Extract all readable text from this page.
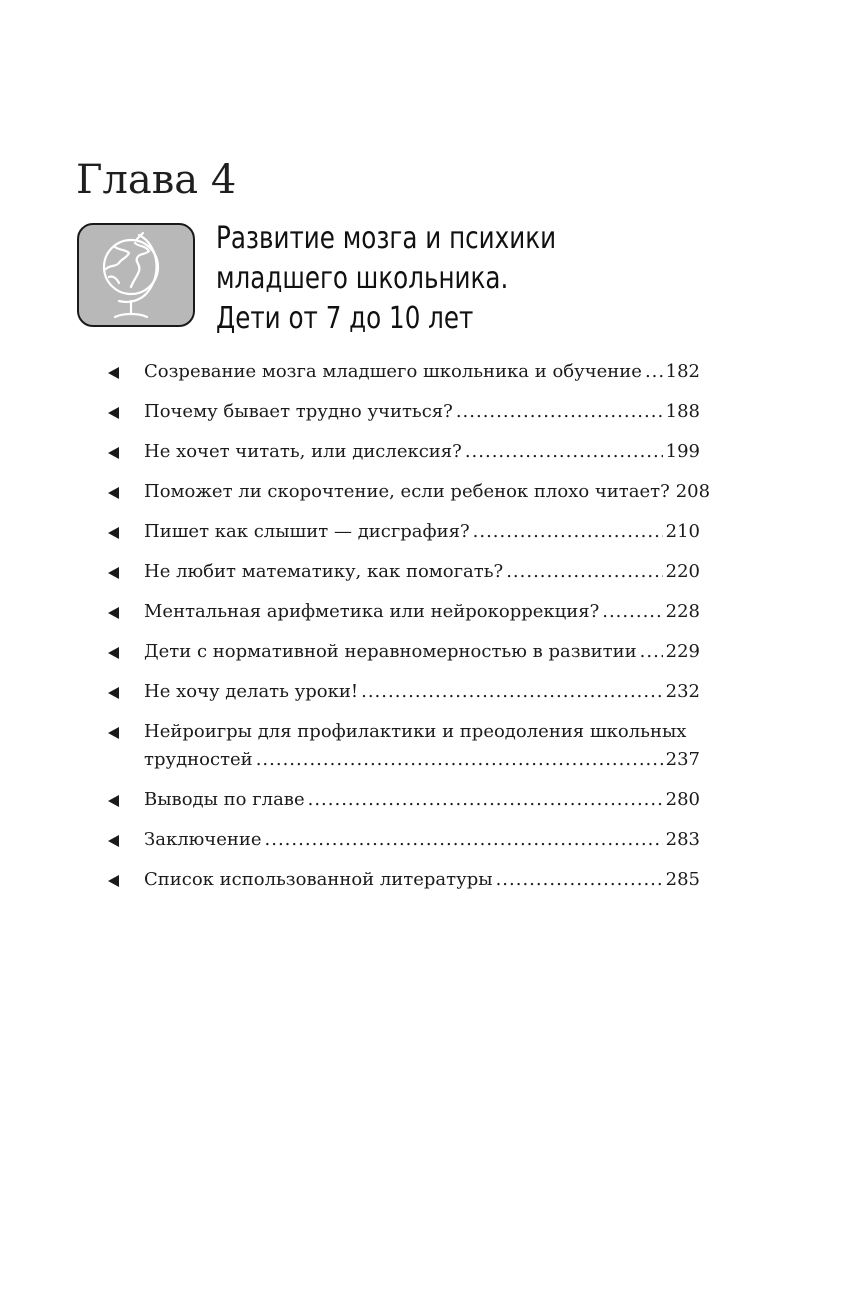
Глава 4
Развитие мозга и психики
младшего школьника.
Дети от 7 до 10 лет
Созревание мозга младшего школьника и обучение ..... 182
Почему бывает трудно учиться? .....	188
Не хочет читать, или дислексия? .....	199
Поможет ли скорочтение, если ребенок плохо читает? 208
Пишет как слышит — дисграфия? .....	210
Не любит математику, как помогать? .....	220
Ментальная арифметика или нейрокоррекция? .....	228
Дети с нормативной неравномерностью в развитии ..... 229
Не хочу делать уроки! .....	232
Нейроигры для профилактики и преодоления школьных
трудностей .....	237
Выводы по главе .....	280
Заключение .....	283
Список использованной литературы .....	285
